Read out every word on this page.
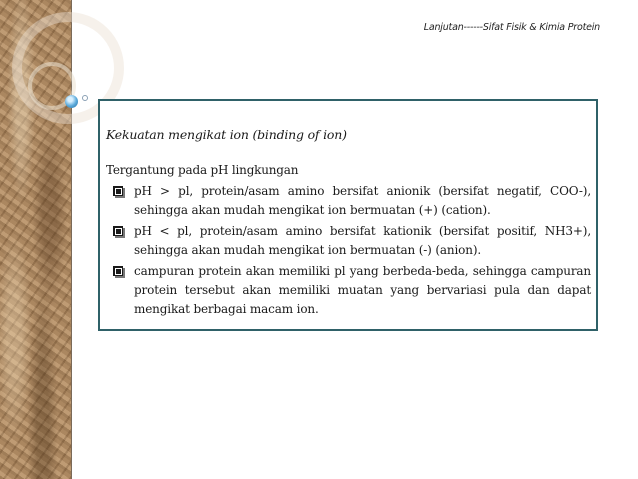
Lanjutan------Sifat Fisik & Kimia Protein
Kekuatan mengikat ion (binding of ion)
Tergantung pada pH lingkungan
pH > pl, protein/asam amino bersifat anionik (bersifat negatif, COO-), sehingga akan mudah mengikat ion bermuatan (+) (cation).
pH < pl, protein/asam amino bersifat kationik (bersifat positif, NH3+), sehingga akan mudah mengikat ion bermuatan (-) (anion).
campuran protein akan memiliki pl yang berbeda-beda, sehingga campuran protein tersebut akan memiliki muatan yang bervariasi pula dan dapat mengikat berbagai macam ion.
